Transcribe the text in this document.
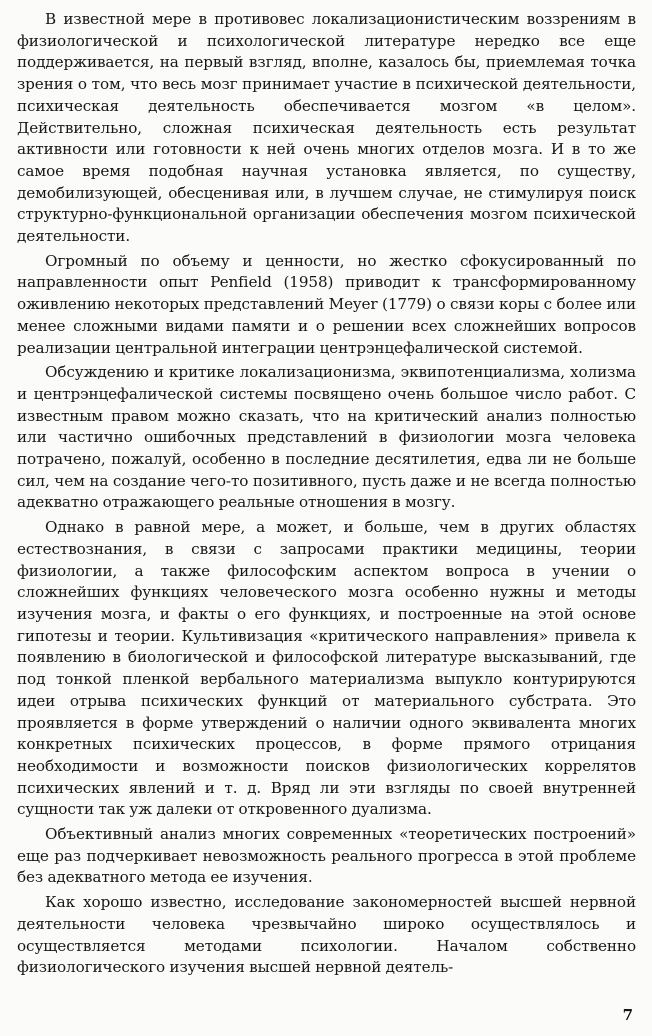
В известной мере в противовес локализационистическим воззрениям в физиологической и психологической литературе нередко все еще поддерживается, на первый взгляд, вполне, казалось бы, приемлемая точка зрения о том, что весь мозг принимает участие в психической деятельности, психическая деятельность обеспечивается мозгом «в целом». Действительно, сложная психическая деятельность есть результат активности или готовности к ней очень многих отделов мозга. И в то же самое время подобная научная установка является, по существу, демобилизующей, обесценивая или, в лучшем случае, не стимулируя поиск структурно-функциональной организации обеспечения мозгом психической деятельности.

Огромный по объему и ценности, но жестко сфокусированный по направленности опыт Penfield (1958) приводит к трансформированному оживлению некоторых представлений Meyer (1779) о связи коры с более или менее сложными видами памяти и о решении всех сложнейших вопросов реализации центральной интеграции центрэнцефалической системой.

Обсуждению и критике локализационизма, эквипотенциализма, холизма и центрэнцефалической системы посвящено очень большое число работ. С известным правом можно сказать, что на критический анализ полностью или частично ошибочных представлений в физиологии мозга человека потрачено, пожалуй, особенно в последние десятилетия, едва ли не больше сил, чем на создание чего-то позитивного, пусть даже и не всегда полностью адекватно отражающего реальные отношения в мозгу.

Однако в равной мере, а может, и больше, чем в других областях естествознания, в связи с запросами практики медицины, теории физиологии, а также философским аспектом вопроса в учении о сложнейших функциях человеческого мозга особенно нужны и методы изучения мозга, и факты о его функциях, и построенные на этой основе гипотезы и теории. Культивизация «критического направления» привела к появлению в биологической и философской литературе высказываний, где под тонкой пленкой вербального материализма выпукло контурируются идеи отрыва психических функций от материального субстрата. Это проявляется в форме утверждений о наличии одного эквивалента многих конкретных психических процессов, в форме прямого отрицания необходимости и возможности поисков физиологических коррелятов психических явлений и т. д. Вряд ли эти взгляды по своей внутренней сущности так уж далеки от откровенного дуализма.

Объективный анализ многих современных «теоретических построений» еще раз подчеркивает невозможность реального прогресса в этой проблеме без адекватного метода ее изучения.

Как хорошо известно, исследование закономерностей высшей нервной деятельности человека чрезвычайно широко осуществлялось и осуществляется методами психологии. Началом собственно физиологического изучения высшей нервной деятель-

7
